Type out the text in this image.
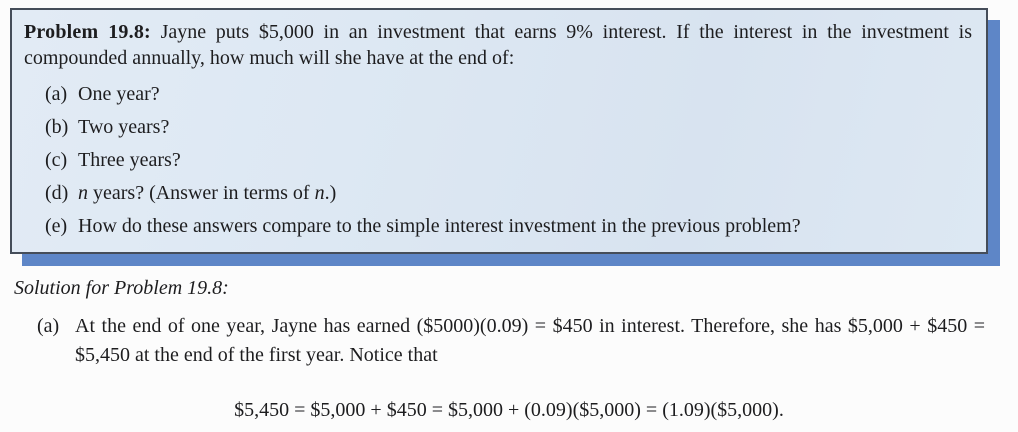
Problem 19.8: Jayne puts $5,000 in an investment that earns 9% interest. If the interest in the investment is compounded annually, how much will she have at the end of:

(a) One year?
(b) Two years?
(c) Three years?
(d) n years? (Answer in terms of n.)
(e) How do these answers compare to the simple interest investment in the previous problem?

Solution for Problem 19.8:

(a) At the end of one year, Jayne has earned ($5000)(0.09) = $450 in interest. Therefore, she has $5,000 + $450 = $5,450 at the end of the first year. Notice that

$5,450 = $5,000 + $450 = $5,000 + (0.09)($5,000) = (1.09)($5,000).
